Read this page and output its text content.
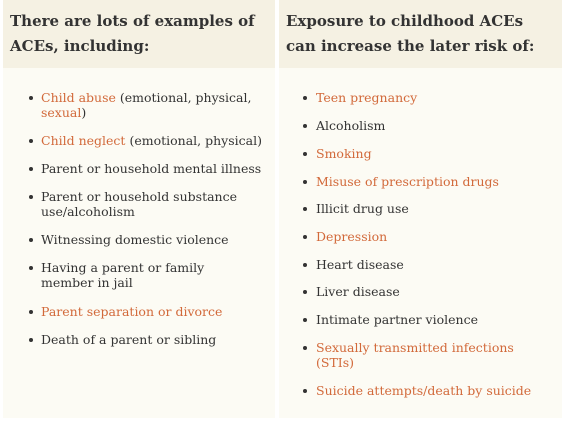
There are lots of examples of
ACEs, including:
Child abuse (emotional, physical,
sexual)
Child neglect (emotional, physical)
Parent or household mental illness
Parent or household substance
use/alcoholism
Witnessing domestic violence
Having a parent or family
member in jail
Parent separation or divorce
Death of a parent or sibling
Exposure to childhood ACEs
can increase the later risk of:
Teen pregnancy
Alcoholism
Smoking
Misuse of prescription drugs
Illicit drug use
Depression
Heart disease
Liver disease
Intimate partner violence
Sexually transmitted infections
(STIs)
Suicide attempts/death by suicide
